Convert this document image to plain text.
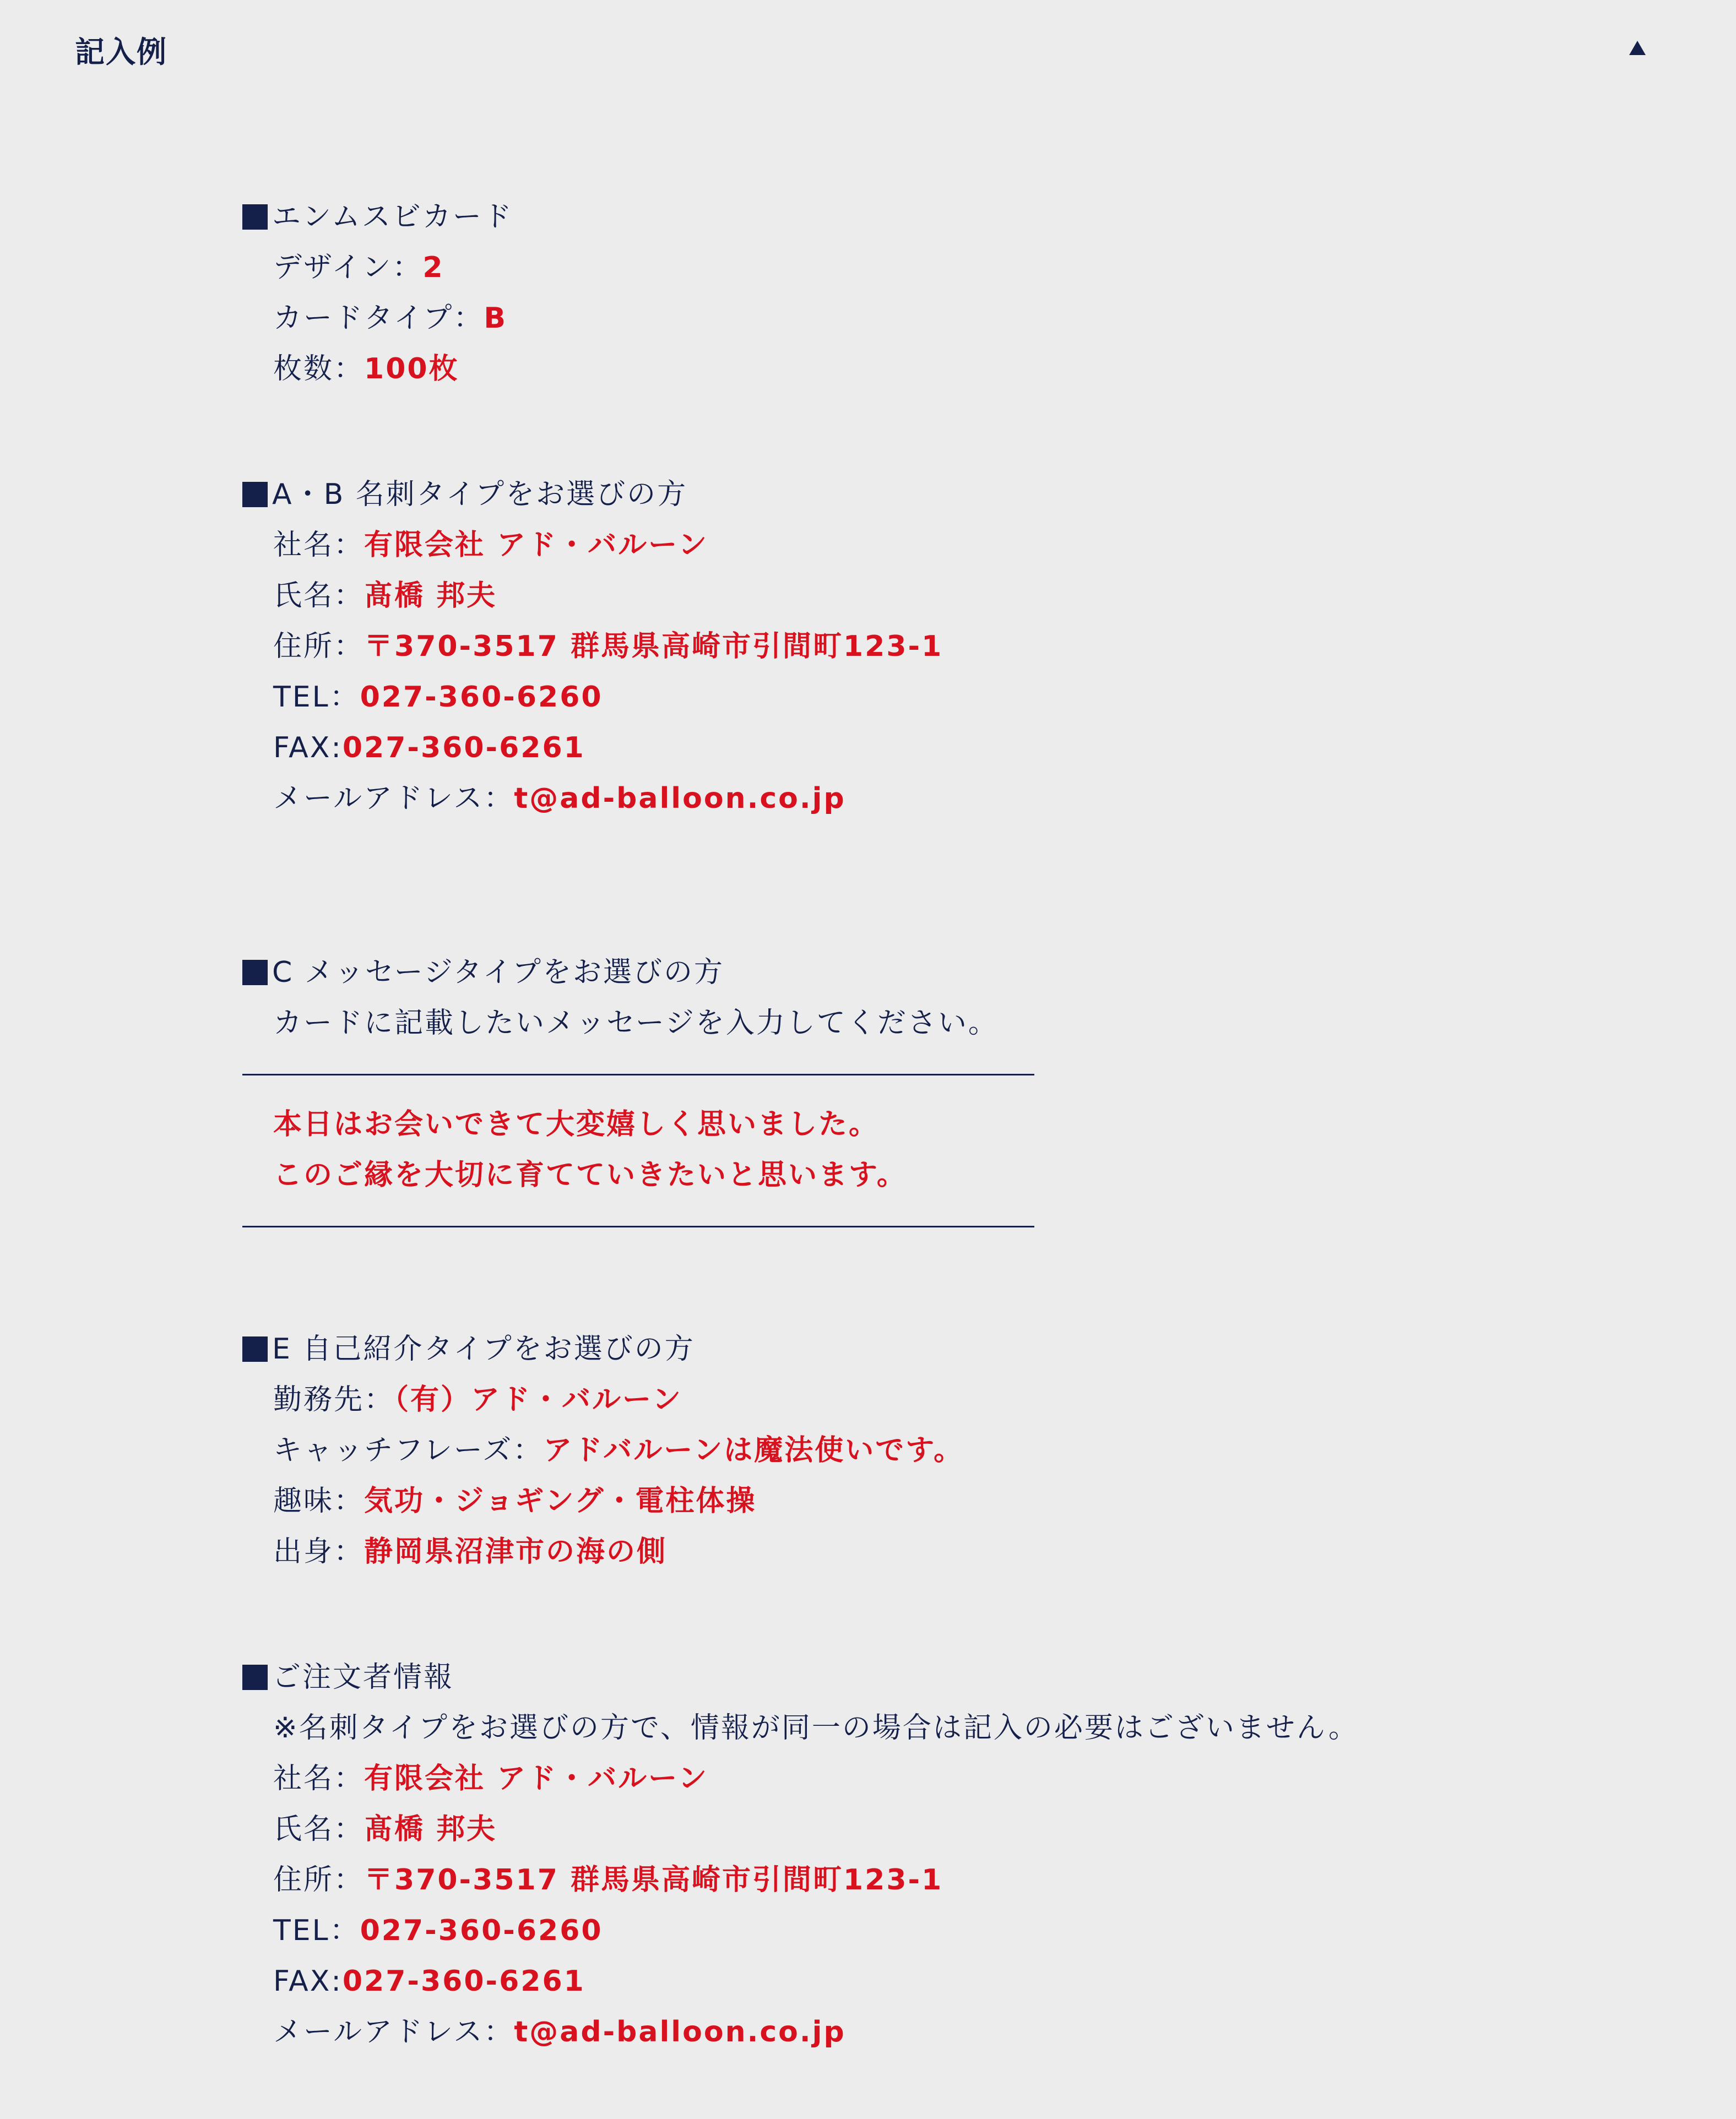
記入例
エンムスビカード
デザイン：2
カードタイプ：B
枚数：100枚
A・B 名刺タイプをお選びの方
社名：有限会社 アド・バルーン
氏名：髙橋 邦夫
住所：〒370-3517 群馬県高崎市引間町123-1
TEL：027-360-6260
FAX:027-360-6261
メールアドレス：t@ad-balloon.co.jp
C メッセージタイプをお選びの方
カードに記載したいメッセージを入力してください。
本日はお会いできて大変嬉しく思いました。
このご縁を大切に育てていきたいと思います。
E 自己紹介タイプをお選びの方
勤務先：（有）アド・バルーン
キャッチフレーズ：アドバルーンは魔法使いです。
趣味：気功・ジョギング・電柱体操
出身：静岡県沼津市の海の側
ご注文者情報
※名刺タイプをお選びの方で、情報が同一の場合は記入の必要はございません。
社名：有限会社 アド・バルーン
氏名：髙橋 邦夫
住所：〒370-3517 群馬県高崎市引間町123-1
TEL：027-360-6260
FAX:027-360-6261
メールアドレス：t@ad-balloon.co.jp
